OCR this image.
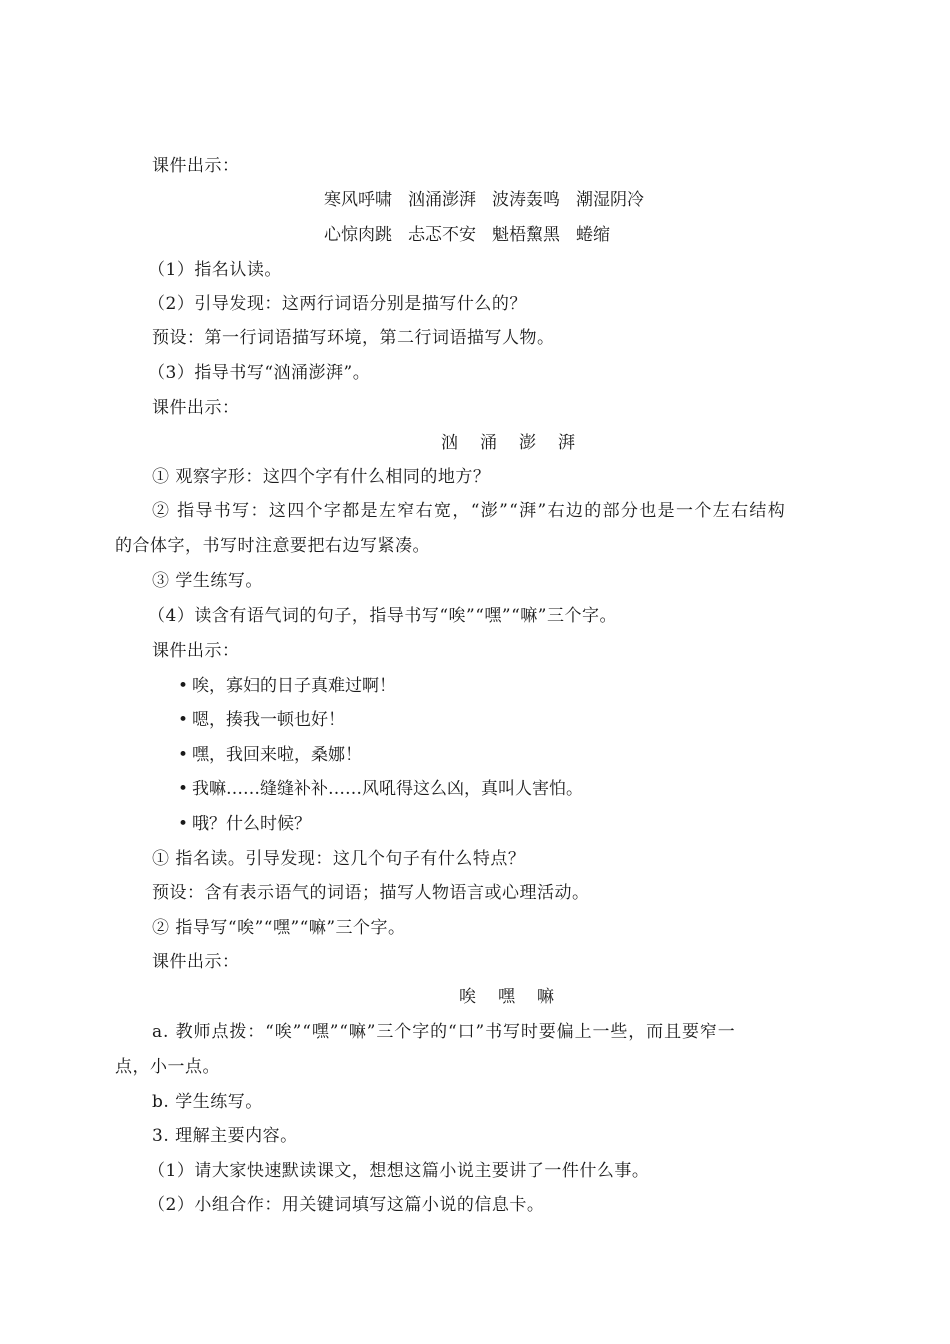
课件出示：
寒风呼啸 汹涌澎湃 波涛轰鸣 潮湿阴冷
心惊肉跳 忐忑不安 魁梧黧黑 蜷缩
（1）指名认读。
（2）引导发现：这两行词语分别是描写什么的？
预设：第一行词语描写环境，第二行词语描写人物。
（3）指导书写“汹涌澎湃”。
课件出示：
汹 涌 澎 湃
① 观察字形：这四个字有什么相同的地方？
② 指导书写：这四个字都是左窄右宽，“澎”“湃”右边的部分也是一个左右结构
的合体字，书写时注意要把右边写紧凑。
③ 学生练写。
（4）读含有语气词的句子，指导书写“唉”“嘿”“嘛”三个字。
课件出示：
• 唉，寡妇的日子真难过啊！
• 嗯，揍我一顿也好！
• 嘿，我回来啦，桑娜！
• 我嘛……缝缝补补……风吼得这么凶，真叫人害怕。
• 哦？什么时候？
① 指名读。引导发现：这几个句子有什么特点？
预设：含有表示语气的词语；描写人物语言或心理活动。
② 指导写“唉”“嘿”“嘛”三个字。
课件出示：
唉 嘿 嘛
a. 教师点拨：“唉”“嘿”“嘛”三个字的“口”书写时要偏上一些，而且要窄一
点，小一点。
b. 学生练写。
3. 理解主要内容。
（1）请大家快速默读课文，想想这篇小说主要讲了一件什么事。
（2）小组合作：用关键词填写这篇小说的信息卡。
